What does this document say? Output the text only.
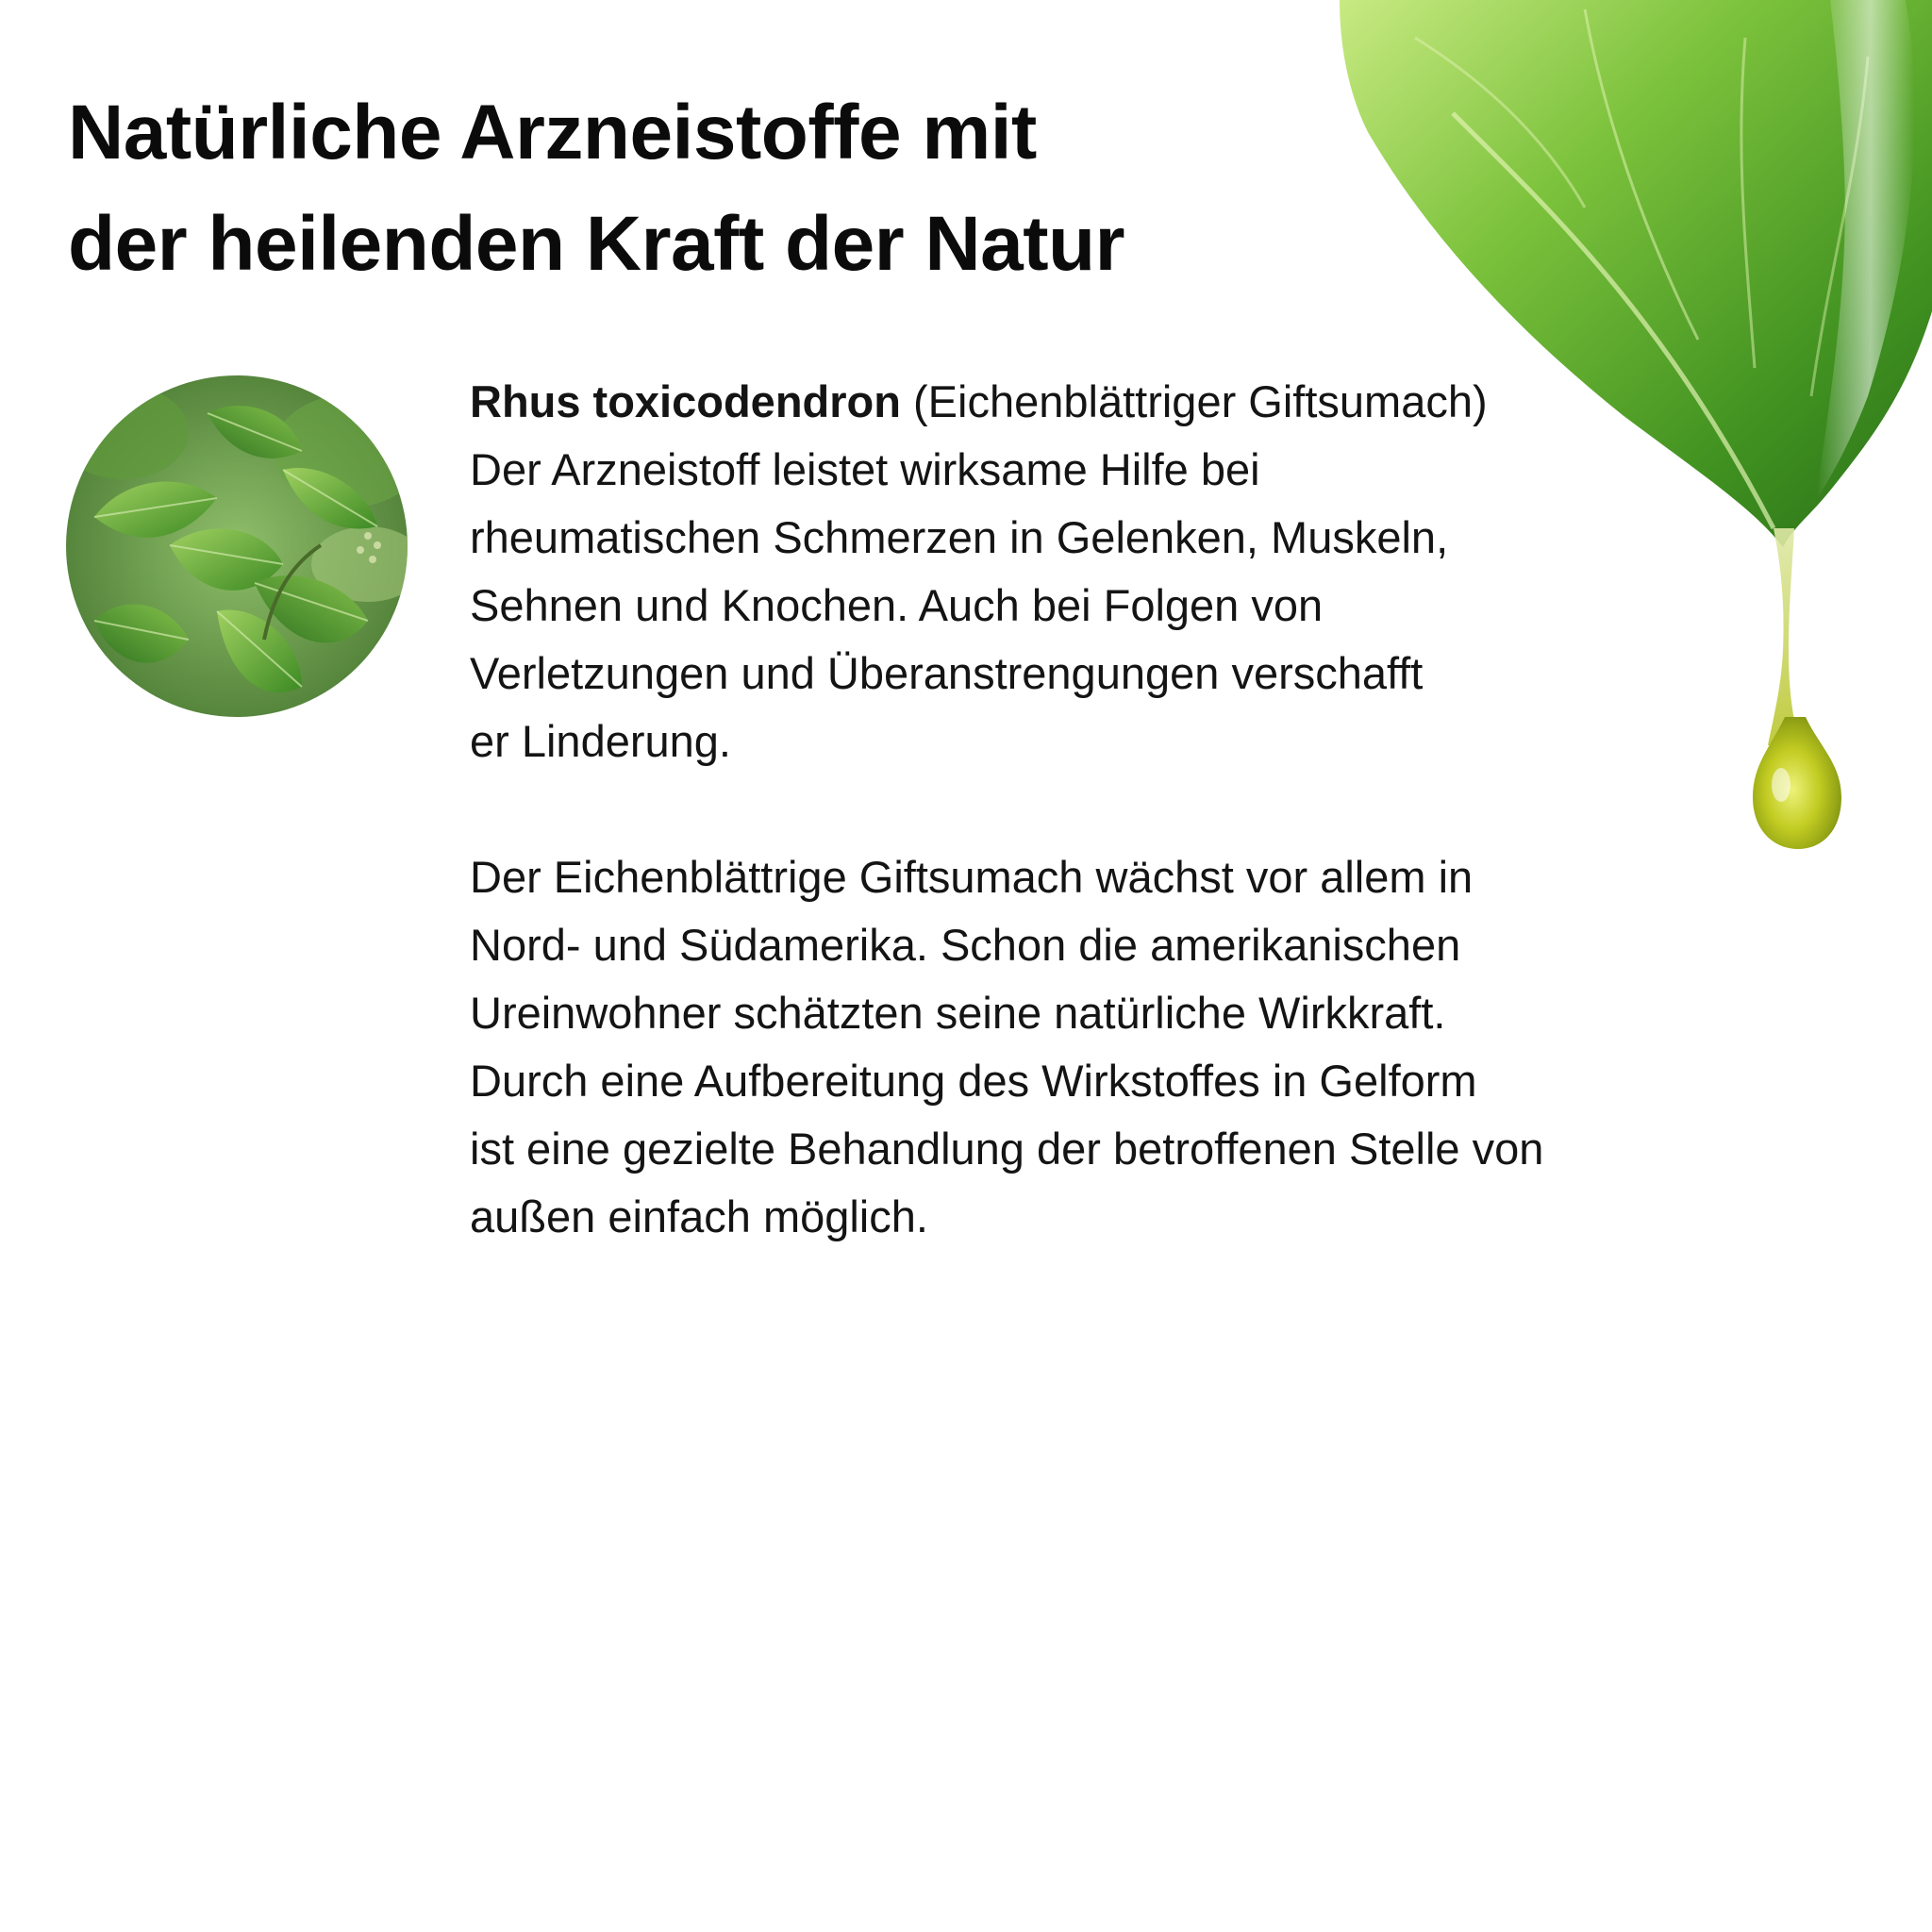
Natürliche Arzneistoffe mit
der heilenden Kraft der Natur

Rhus toxicodendron (Eichenblättriger Giftsumach)
Der Arzneistoff leistet wirksame Hilfe bei
rheumatischen Schmerzen in Gelenken, Muskeln,
Sehnen und Knochen. Auch bei Folgen von
Verletzungen und Überanstrengungen verschafft
er Linderung.

Der Eichenblättrige Giftsumach wächst vor allem in
Nord- und Südamerika. Schon die amerikanischen
Ureinwohner schätzten seine natürliche Wirkkraft.
Durch eine Aufbereitung des Wirkstoffes in Gelform
ist eine gezielte Behandlung der betroffenen Stelle von
außen einfach möglich.
